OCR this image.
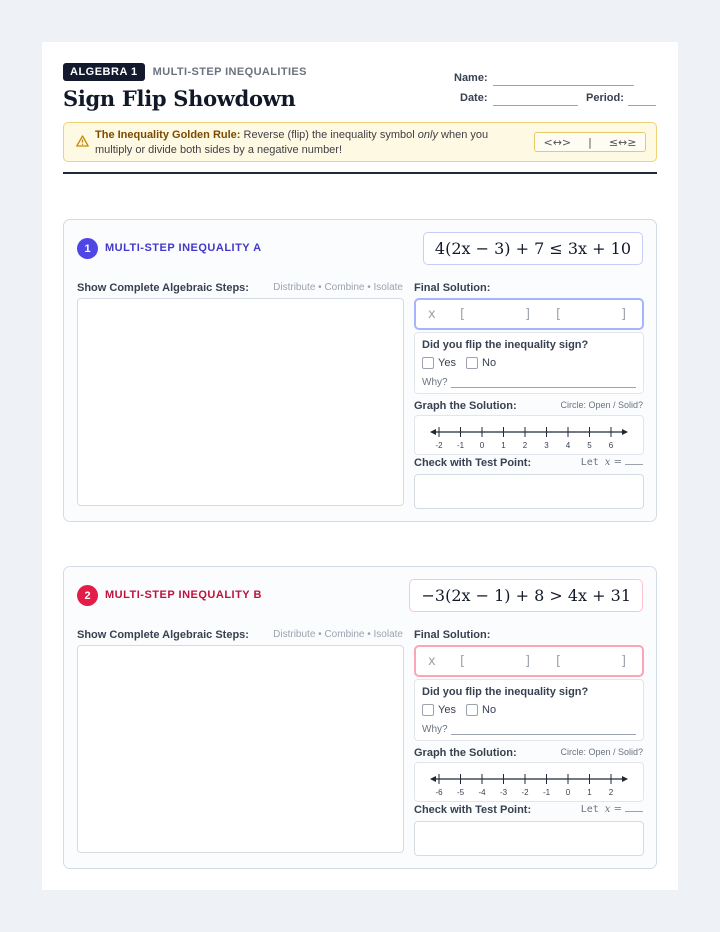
ALGEBRA 1	MULTI-STEP INEQUALITIES
Sign Flip Showdown
Name:
Date:	Period:
The Inequality Golden Rule: Reverse (flip) the inequality symbol only when you multiply or divide both sides by a negative number!
<↔> | ≤↔≥
1	MULTI-STEP INEQUALITY A	4(2x − 3) + 7 ≤ 3x + 10
Show Complete Algebraic Steps: Distribute • Combine • Isolate Final Solution:
x [	] [	]
Did you flip the inequality sign?
Yes No
Why?
Graph the Solution:	Circle: Open / Solid?
-2 -1 0 1 2 3 4 5 6
Check with Test Point:	Let x =
2	MULTI-STEP INEQUALITY B	−3(2x − 1) + 8 > 4x + 31
Show Complete Algebraic Steps: Distribute • Combine • Isolate Final Solution:
x [	] [	]
Did you flip the inequality sign?
Yes No
Why?
Graph the Solution:	Circle: Open / Solid?
-6 -5 -4 -3 -2 -1 0 1 2
Check with Test Point:	Let x =
